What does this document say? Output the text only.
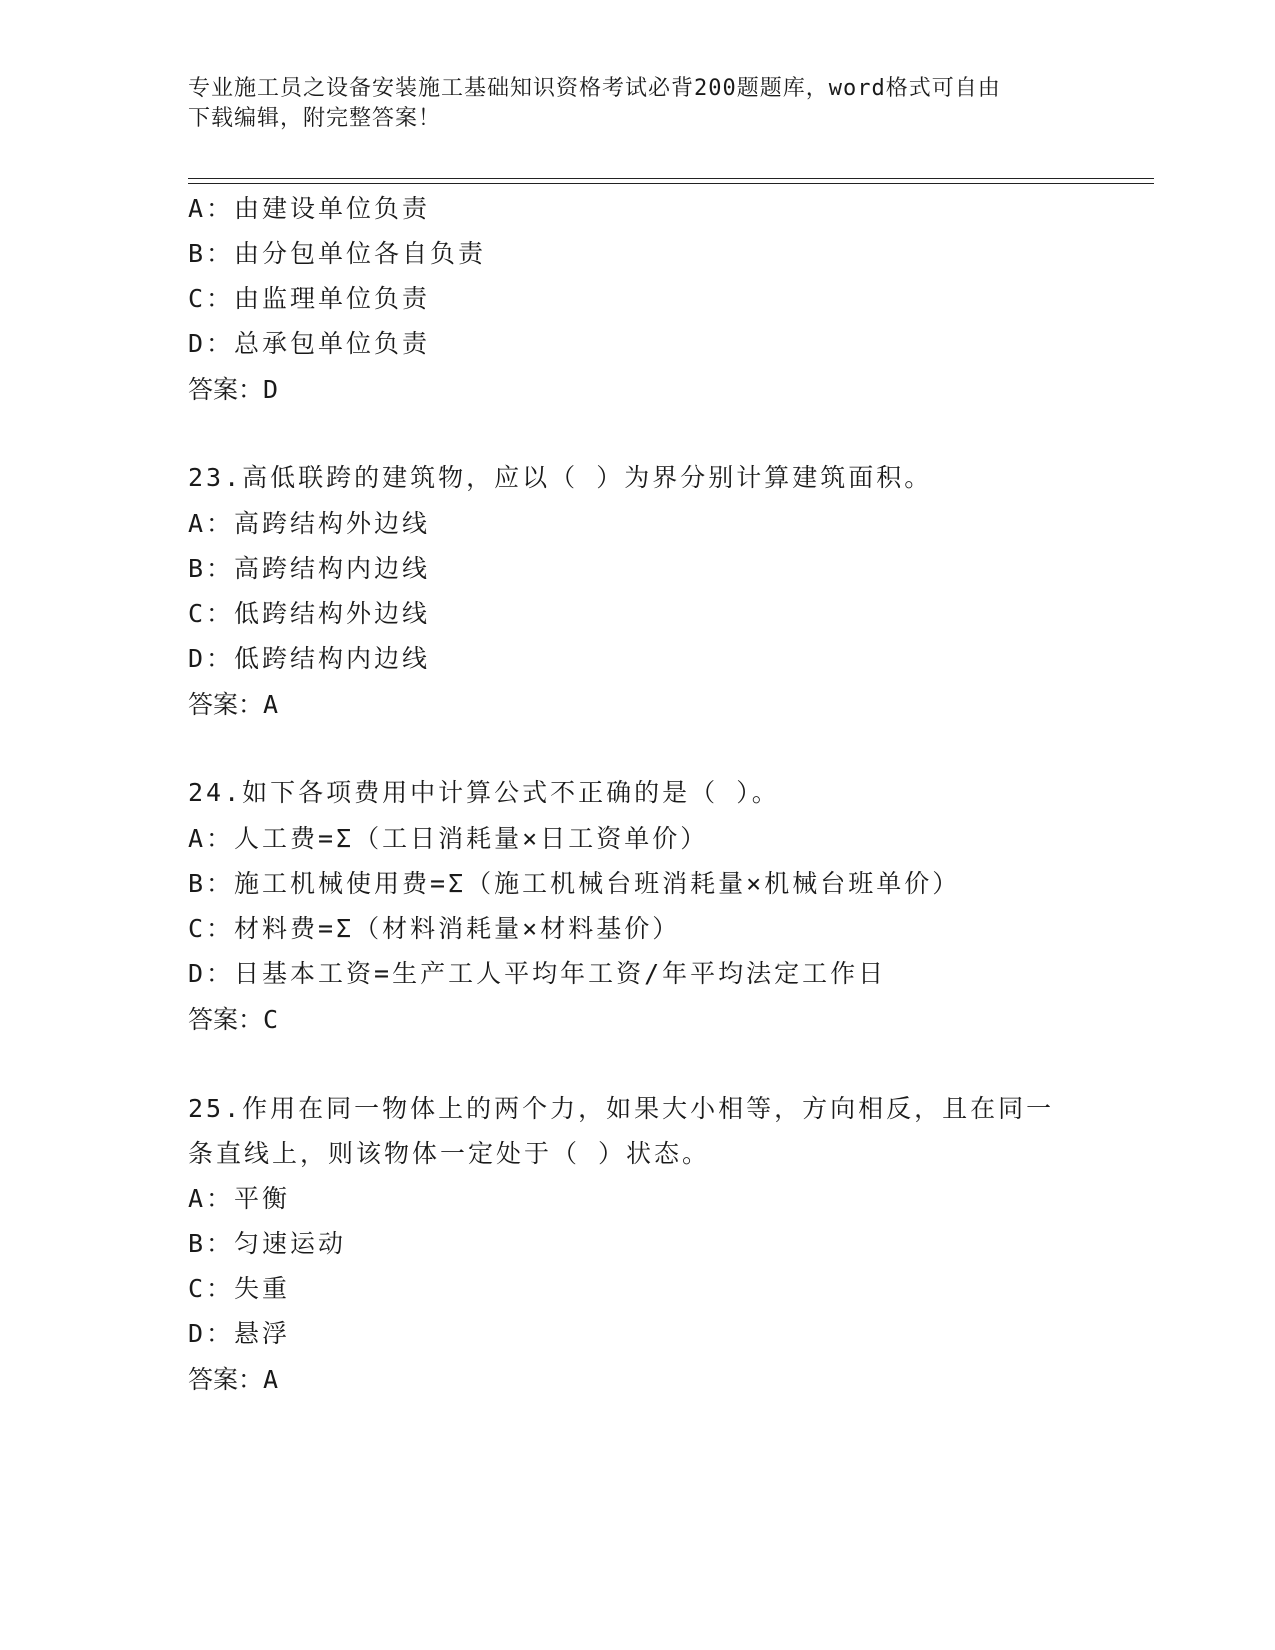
专业施工员之设备安装施工基础知识资格考试必背200题题库，word格式可自由
下载编辑，附完整答案！
A：由建设单位负责
B：由分包单位各自负责
C：由监理单位负责
D：总承包单位负责
答案：D
23.高低联跨的建筑物，应以（ ）为界分别计算建筑面积。
A：高跨结构外边线
B：高跨结构内边线
C：低跨结构外边线
D：低跨结构内边线
答案：A
24.如下各项费用中计算公式不正确的是（ ）。
A：人工费=Σ（工日消耗量×日工资单价）
B：施工机械使用费=Σ（施工机械台班消耗量×机械台班单价）
C：材料费=Σ（材料消耗量×材料基价）
D：日基本工资=生产工人平均年工资/年平均法定工作日
答案：C
25.作用在同一物体上的两个力，如果大小相等，方向相反，且在同一
条直线上，则该物体一定处于（ ）状态。
A：平衡
B：匀速运动
C：失重
D：悬浮
答案：A
